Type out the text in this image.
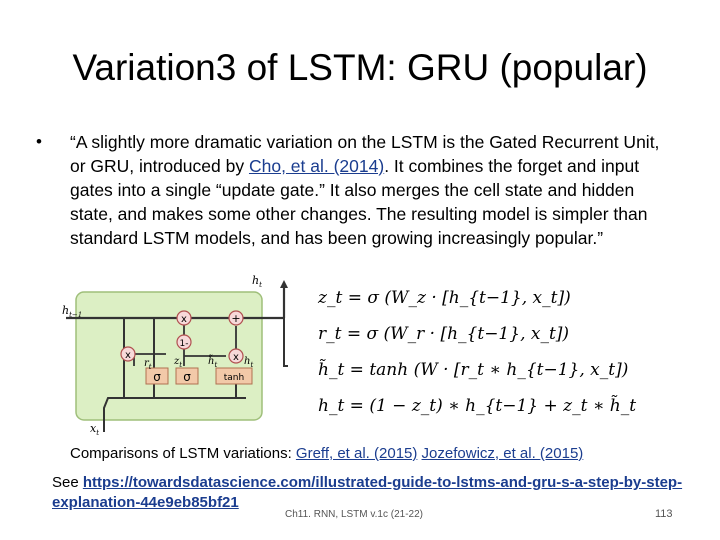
Variation3 of LSTM: GRU (popular)
• “A slightly more dramatic variation on the LSTM is the Gated Recurrent Unit, or GRU, introduced by Cho, et al. (2014). It combines the forget and input gates into a single “update gate.” It also merges the cell state and hidden state, and makes some other changes. The resulting model is simpler than standard LSTM models, and has been growing increasingly popular.”
x	+
1-
x	x
σ σ	tanh
$h_{t-1}$
$h_t$
$h_t$
$x_t$
$r_t$ $z_t$	$h̃_t$
z_t = σ (W_z · [h_{t−1}, x_t])
r_t = σ (W_r · [h_{t−1}, x_t])
h̃_t = tanh (W · [r_t ∗ h_{t−1}, x_t])
h_t = (1 − z_t) ∗ h_{t−1} + z_t ∗ h̃_t
Comparisons of LSTM variations: Greff, et al. (2015) Jozefowicz, et al. (2015)
See https://towardsdatascience.com/illustrated-guide-to-lstms-and-gru-s-a-step-by-step-explanation-44e9eb85bf21
Ch11. RNN, LSTM v.1c (21-22)	113
